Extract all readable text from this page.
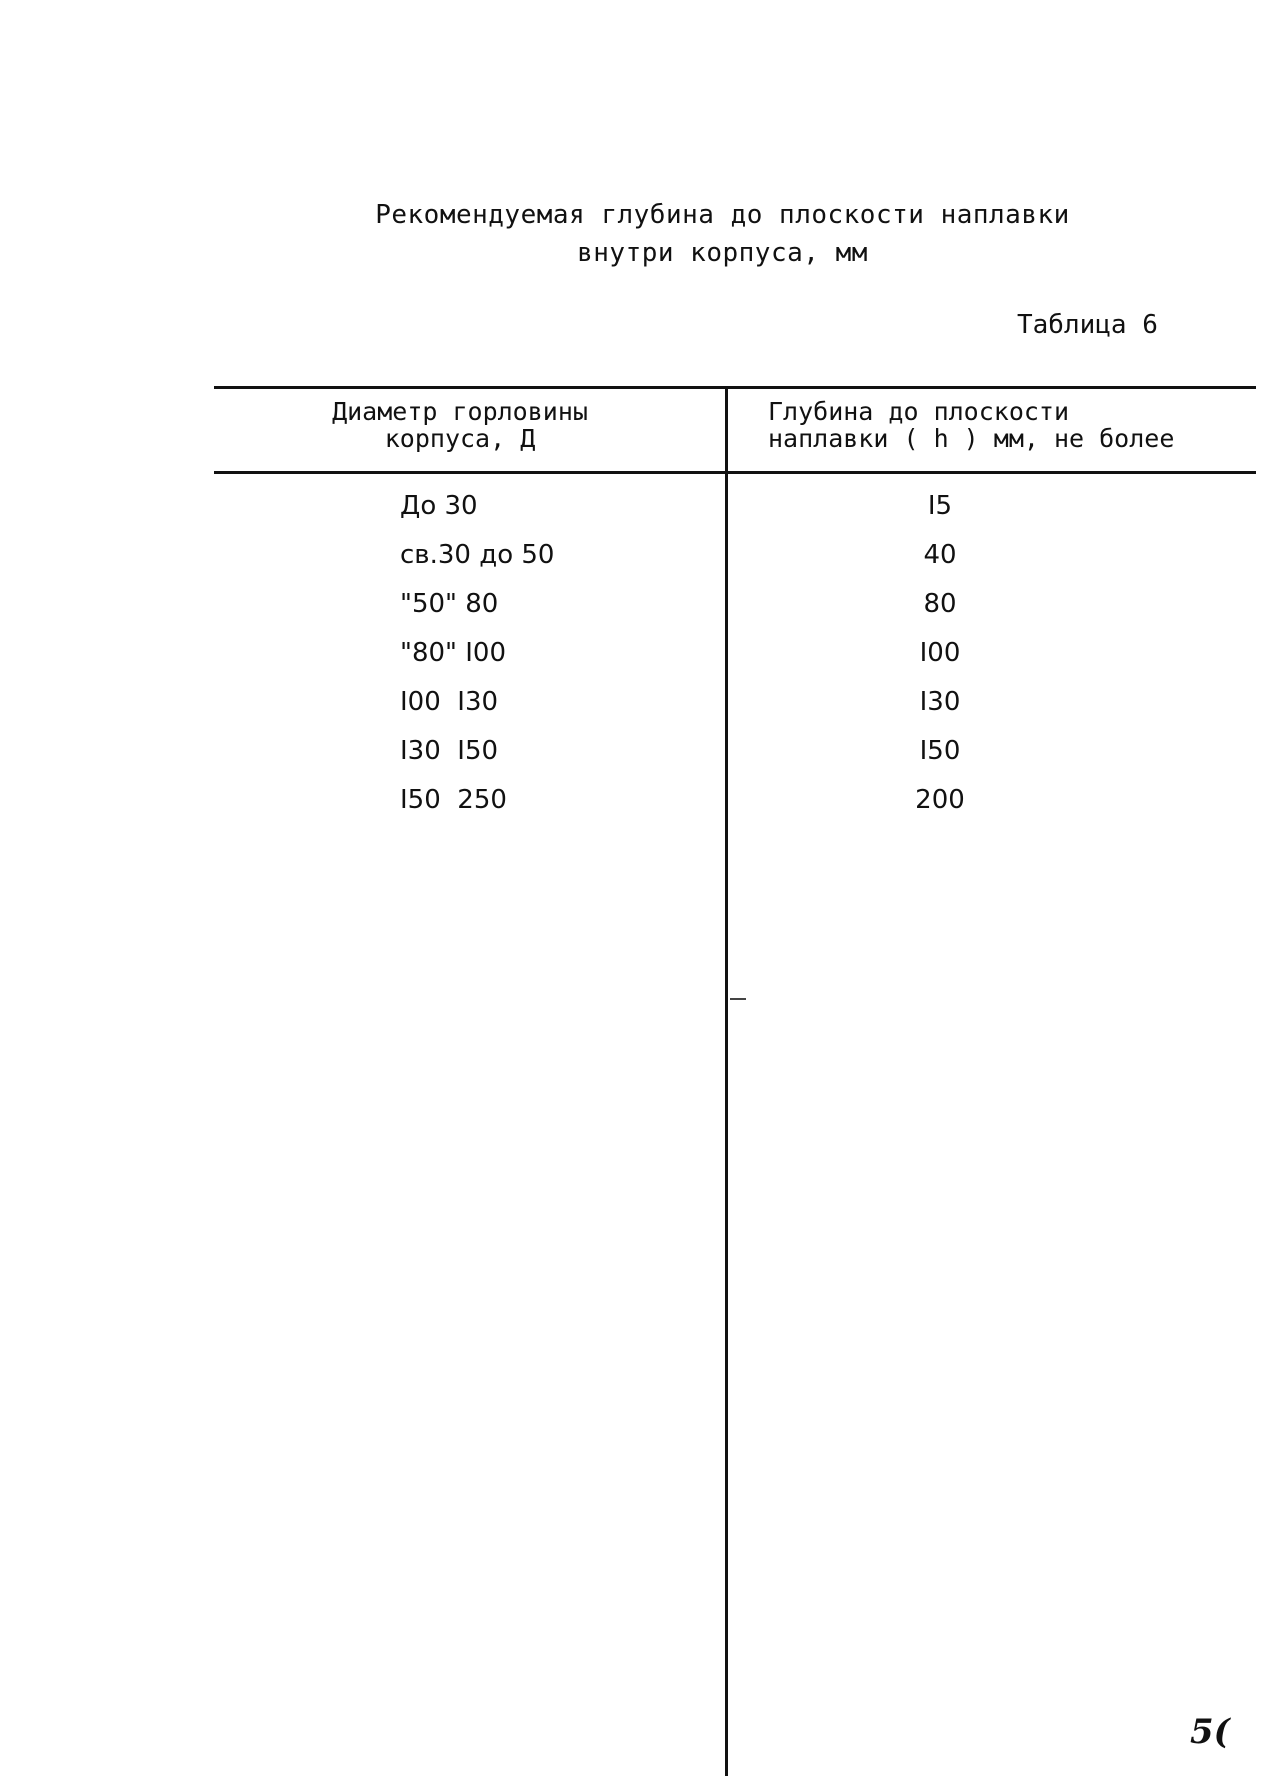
Рекомендуемая глубина до плоскости наплавки
внутри корпуса, мм
Таблица 6
Диаметр горловины
корпуса, Д
Глубина до плоскости
наплавки ( h ) мм, не более
До 30	I5
св.30 до 50	40
"50" 80	80
"80" I00	I00
I00  I30	I30
I30  I50	I50
I50  250	200
5(
